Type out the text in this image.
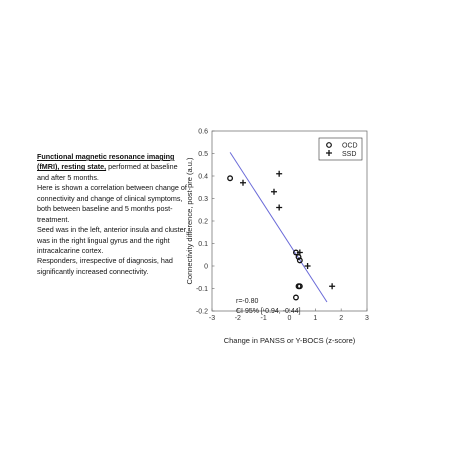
Functional magnetic resonance imaging (fMRI), resting state, performed at baseline and after 5 months.

Here is shown a correlation between change of connectivity and change of clinical symptoms, both between baseline and 5 months post-treatment.

Seed was in the left, anterior insula and cluster was in the right lingual gyrus and the right intracalcarine cortex.

Responders, irrespective of diagnosis, had significantly increased connectivity.

-3	-2	-1	0	1	2	3
-0.2
-0.1
0
0.1
0.2
0.3
0.4
0.5
0.6
Change in PANSS or Y-BOCS (z-score)
Connectivity difference, post-pre (a.u.)
r=-0.80
CI 95% [-0.94, -0.44]
OCD
SSD
